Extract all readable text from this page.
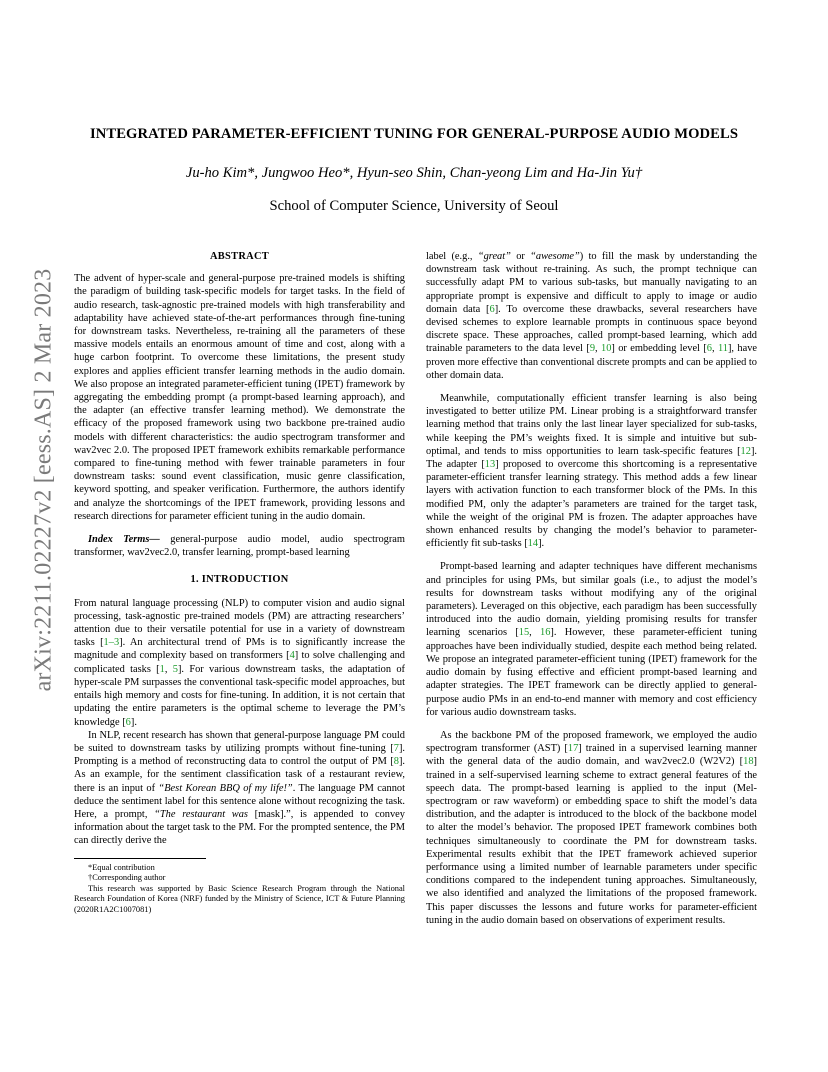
arXiv:2211.02227v2 [eess.AS] 2 Mar 2023
INTEGRATED PARAMETER-EFFICIENT TUNING FOR GENERAL-PURPOSE AUDIO MODELS
Ju-ho Kim*, Jungwoo Heo*, Hyun-seo Shin, Chan-yeong Lim and Ha-Jin Yu†
School of Computer Science, University of Seoul
ABSTRACT

The advent of hyper-scale and general-purpose pre-trained models is shifting the paradigm of building task-specific models for target tasks. In the field of audio research, task-agnostic pre-trained models with high transferability and adaptability have achieved state-of-the-art performances through fine-tuning for downstream tasks. Nevertheless, re-training all the parameters of these massive models entails an enormous amount of time and cost, along with a huge carbon footprint. To overcome these limitations, the present study explores and applies efficient transfer learning methods in the audio domain. We also propose an integrated parameter-efficient tuning (IPET) framework by aggregating the embedding prompt (a prompt-based learning approach), and the adapter (an effective transfer learning method). We demonstrate the efficacy of the proposed framework using two backbone pre-trained audio models with different characteristics: the audio spectrogram transformer and wav2vec 2.0. The proposed IPET framework exhibits remarkable performance compared to fine-tuning method with fewer trainable parameters in four downstream tasks: sound event classification, music genre classification, keyword spotting, and speaker verification. Furthermore, the authors identify and analyze the shortcomings of the IPET framework, providing lessons and research directions for parameter efficient tuning in the audio domain.

Index Terms— general-purpose audio model, audio spectrogram transformer, wav2vec2.0, transfer learning, prompt-based learning

1. INTRODUCTION

From natural language processing (NLP) to computer vision and audio signal processing, task-agnostic pre-trained models (PM) are attracting researchers’ attention due to their versatile potential for use in a variety of downstream tasks [1–3]. An architectural trend of PMs is to significantly increase the magnitude and complexity based on transformers [4] to solve challenging and complicated tasks [1, 5]. For various downstream tasks, the adaptation of hyper-scale PM surpasses the conventional task-specific model approaches, but entails high memory and costs for fine-tuning. In addition, it is not certain that updating the entire parameters is the optimal scheme to leverage the PM’s knowledge [6].

In NLP, recent research has shown that general-purpose language PM could be suited to downstream tasks by utilizing prompts without fine-tuning [7]. Prompting is a method of reconstructing data to control the output of PM [8]. As an example, for the sentiment classification task of a restaurant review, there is an input of “Best Korean BBQ of my life!”. The language PM cannot deduce the sentiment label for this sentence alone without recognizing the task. Here, a prompt, “The restaurant was [mask].”, is appended to convey information about the target task to the PM. For the prompted sentence, the PM can directly derive the

*Equal contribution

†Corresponding author

This research was supported by Basic Science Research Program through the National Research Foundation of Korea (NRF) funded by the Ministry of Science, ICT & Future Planning (2020R1A2C1007081)

label (e.g., “great” or “awesome”) to fill the mask by understanding the downstream task without re-training. As such, the prompt technique can successfully adapt PM to various sub-tasks, but manually navigating to an appropriate prompt is expensive and difficult to apply to image or audio domain data [6]. To overcome these drawbacks, several researchers have devised schemes to explore learnable prompts in continuous space beyond discrete space. These approaches, called prompt-based learning, which add trainable parameters to the data level [9, 10] or embedding level [6, 11], have proven more effective than conventional discrete prompts and can be applied to other domain data.

Meanwhile, computationally efficient transfer learning is also being investigated to better utilize PM. Linear probing is a straightforward transfer learning method that trains only the last linear layer specialized for sub-tasks, while keeping the PM’s weights fixed. It is simple and intuitive but sub-optimal, and tends to miss opportunities to learn task-specific features [12]. The adapter [13] proposed to overcome this shortcoming is a representative parameter-efficient transfer learning strategy. This method adds a few linear layers with activation function to each transformer block of the PMs. In this modified PM, only the adapter’s parameters are trained for the target task, while the weight of the original PM is frozen. The adapter approaches have shown enhanced results by changing the model’s behavior to parameter-efficiently fit sub-tasks [14].

Prompt-based learning and adapter techniques have different mechanisms and principles for using PMs, but similar goals (i.e., to adjust the model’s results for downstream tasks without modifying any of the original parameters). Leveraged on this objective, each paradigm has been successfully introduced into the audio domain, yielding promising results for transfer learning scenarios [15, 16]. However, these parameter-efficient tuning approaches have been individually studied, despite each method being related. We propose an integrated parameter-efficient tuning (IPET) framework for the audio domain by fusing effective and efficient prompt-based learning and adapter strategies. The IPET framework can be directly applied to general-purpose audio PMs in an end-to-end manner with memory and cost efficiency for various audio downstream tasks.

As the backbone PM of the proposed framework, we employed the audio spectrogram transformer (AST) [17] trained in a supervised learning manner with the general data of the audio domain, and wav2vec2.0 (W2V2) [18] trained in a self-supervised learning scheme to extract general features of the speech data. The prompt-based learning is applied to the input (Mel-spectrogram or raw waveform) or embedding space to shift the model’s data distribution, and the adapter is introduced to the block of the backbone model to alter the model’s behavior. The proposed IPET framework combines both techniques simultaneously to coordinate the PM for downstream tasks. Experimental results exhibit that the IPET framework achieved superior performance using a limited number of learnable parameters under specific conditions compared to the independent tuning approaches. Simultaneously, we also identified and analyzed the limitations of the proposed framework. This paper discusses the lessons and future works for parameter-efficient tuning in the audio domain based on observations of experiment results.
